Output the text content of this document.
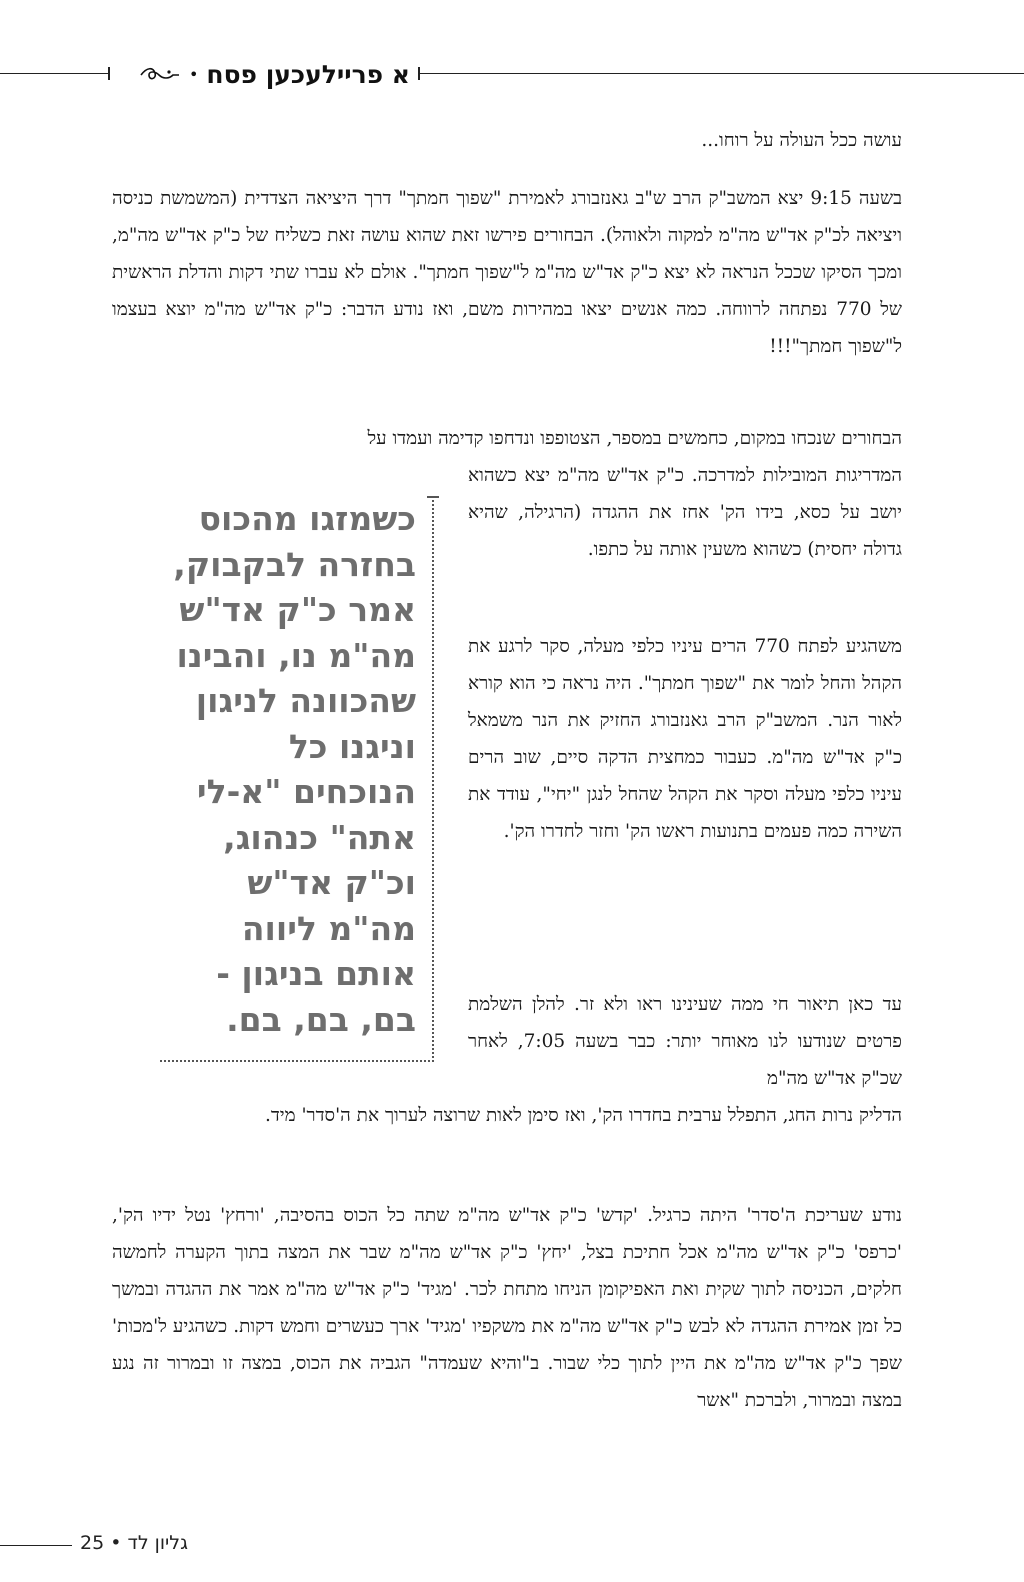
א פריילעכען פסח
•

עושה ככל העולה על רוחו...

בשעה 9:15 יצא המשב"ק הרב ש"ב גאנזבורג לאמירת "שפוך חמתך" דרך היציאה הצדדית (המשמשת כניסה ויציאה לכ"ק אד"ש מה"מ למקוה ולאוהל). הבחורים פירשו זאת שהוא עושה זאת כשליח של כ"ק אד"ש מה"מ, ומכך הסיקו שככל הנראה לא יצא כ"ק אד"ש מה"מ ל"שפוך חמתך". אולם לא עברו שתי דקות והדלת הראשית של 770 נפתחה לרווחה. כמה אנשים יצאו במהירות משם, ואז נודע הדבר: כ"ק אד"ש מה"מ יוצא בעצמו ל"שפוך חמתך"!!!

הבחורים שנכחו במקום, כחמשים במספר, הצטופפו ונדחפו קדימה ועמדו על

המדריגות המובילות למדרכה. כ"ק אד"ש מה"מ יצא כשהוא יושב על כסא, בידו הק' אחז את ההגדה (הרגילה, שהיא גדולה יחסית) כשהוא משעין אותה על כתפו.

משהגיע לפתח 770 הרים עיניו כלפי מעלה, סקר לרגע את הקהל והחל לומר את "שפוך חמתך". היה נראה כי הוא קורא לאור הנר. המשב"ק הרב גאנזבורג החזיק את הנר משמאל כ"ק אד"ש מה"מ. כעבור כמחצית הדקה סיים, שוב הרים עיניו כלפי מעלה וסקר את הקהל שהחל לנגן "יחי", עודד את השירה כמה פעמים בתנועות ראשו הק' וחזר לחדרו הק'.

עד כאן תיאור חי ממה שעינינו ראו ולא זר. להלן השלמת פרטים שנודעו לנו מאוחר יותר: כבר בשעה 7:05, לאחר שכ"ק אד"ש מה"מ

הדליק נרות החג, התפלל ערבית בחדרו הק', ואז סימן לאות שרוצה לערוך את ה'סדר' מיד.

נודע שעריכת ה'סדר' היתה כרגיל. 'קדש' כ"ק אד"ש מה"מ שתה כל הכוס בהסיבה, 'ורחץ' נטל ידיו הק', 'כרפס' כ"ק אד"ש מה"מ אכל חתיכת בצל, 'יחץ' כ"ק אד"ש מה"מ שבר את המצה בתוך הקערה לחמשה חלקים, הכניסה לתוך שקית ואת האפיקומן הניחו מתחת לכר. 'מגיד' כ"ק אד"ש מה"מ אמר את ההגדה ובמשך כל זמן אמירת ההגדה לא לבש כ"ק אד"ש מה"מ את משקפיו 'מגיד' ארך כעשרים וחמש דקות. כשהגיע ל'מכות' שפך כ"ק אד"ש מה"מ את היין לתוך כלי שבור. ב"והיא שעמדה" הגביה את הכוס, במצה זו ובמרור זה נגע במצה ובמרור, ולברכת "אשר

כשמזגו מהכוס בחזרה לבקבוק, אמר כ"ק אד"ש מה"מ נו, והבינו שהכוונה לניגון וניגנו כל הנוכחים "א-לי אתה" כנהוג, וכ"ק אד"ש מה"מ ליווה אותם בניגון - בם, בם, בם.
גליון לד • 25
